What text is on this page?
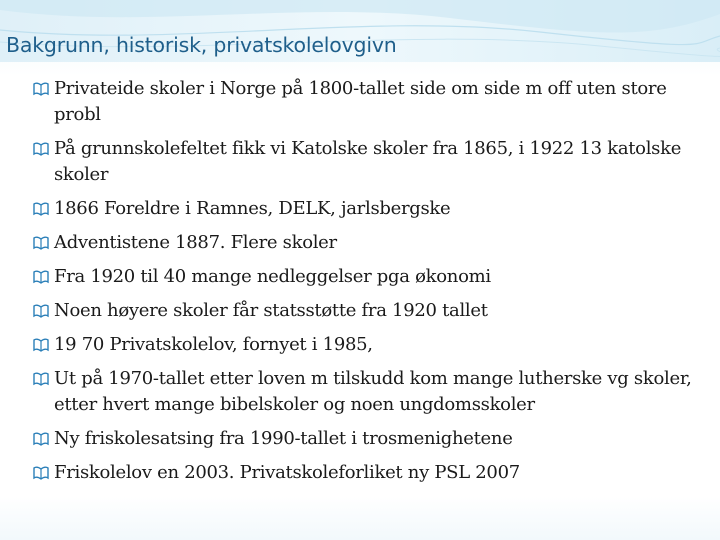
Bakgrunn, historisk, privatskolelovgivn
Privateide skoler i Norge på 1800-tallet side om side m off uten store probl
På grunnskolefeltet fikk vi Katolske skoler fra 1865, i 1922 13 katolske skoler
1866 Foreldre i Ramnes, DELK, jarlsbergske
Adventistene 1887. Flere skoler
Fra 1920 til 40 mange nedleggelser pga økonomi
Noen høyere skoler får statsstøtte fra 1920 tallet
19 70 Privatskolelov, fornyet i 1985,
Ut på 1970-tallet etter loven m tilskudd kom mange lutherske vg skoler, etter hvert mange bibelskoler og noen ungdomsskoler
Ny friskolesatsing fra 1990-tallet i trosmenighetene
Friskolelov en 2003. Privatskoleforliket ny PSL 2007
